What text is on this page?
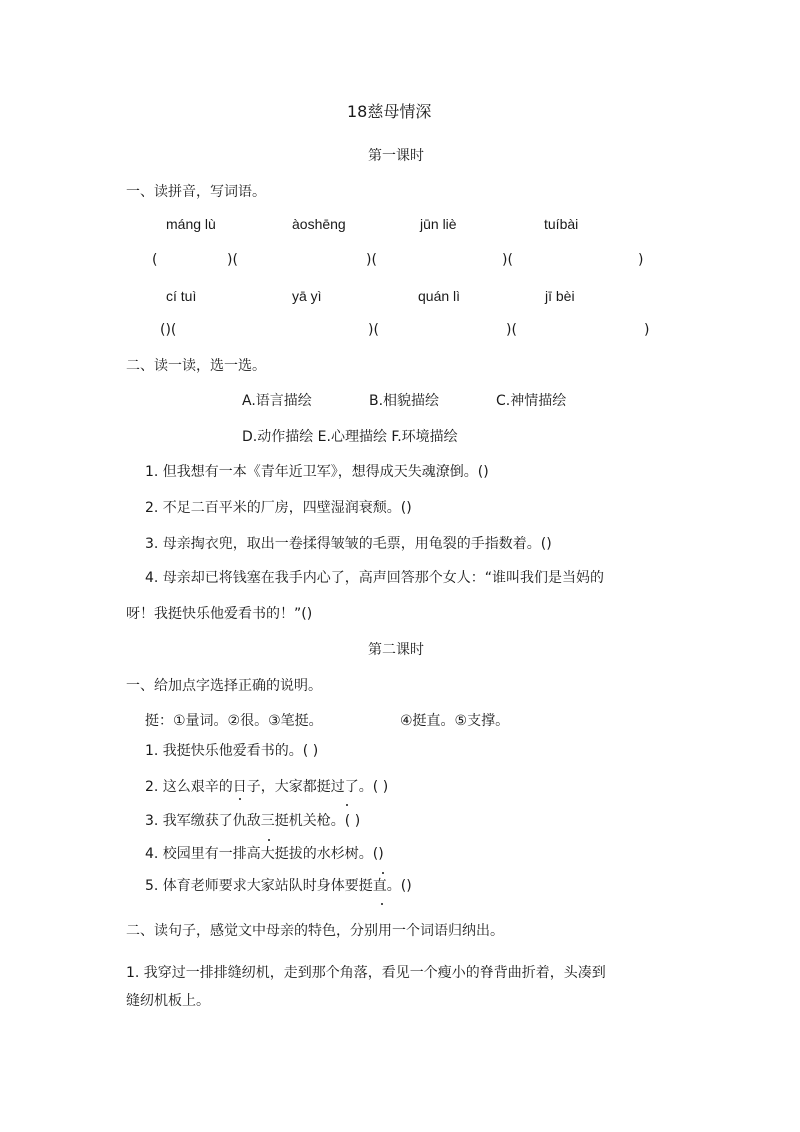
18慈母情深
第一课时
一、读拼音，写词语。
máng lù	àoshēng	jūn liè	tuíbài
(	)(	)(	)(	)
cí tuì	yā yì	quán lì	jī bèi
()(	)(	)(	)
二、读一读，选一选。
A.语言描绘	B.相貌描绘	C.神情描绘
D.动作描绘 E.心理描绘 F.环境描绘
1. 但我想有一本《青年近卫军》，想得成天失魂潦倒。()
2. 不足二百平米的厂房，四壁湿润衰颓。()
3. 母亲掏衣兜，取出一卷揉得皱皱的毛票，用龟裂的手指数着。()
4. 母亲却已将钱塞在我手内心了，高声回答那个女人：“谁叫我们是当妈的
呀！我挺快乐他爱看书的！”()
第二课时
一、给加点字选择正确的说明。
挺：①量词。②很。③笔挺。	④挺直。⑤支撑。
1. 我挺快乐他爱看书的。( )
2. 这么艰辛的日子，大家都挺过了。( )
3. 我军缴获了仇敌三挺机关枪。( )
4. 校园里有一排高大挺拔的水杉树。()
5. 体育老师要求大家站队时身体要挺直。()
二、读句子，感觉文中母亲的特色，分别用一个词语归纳出。
1. 我穿过一排排缝纫机，走到那个角落，看见一个瘦小的脊背曲折着，头凑到
缝纫机板上。
